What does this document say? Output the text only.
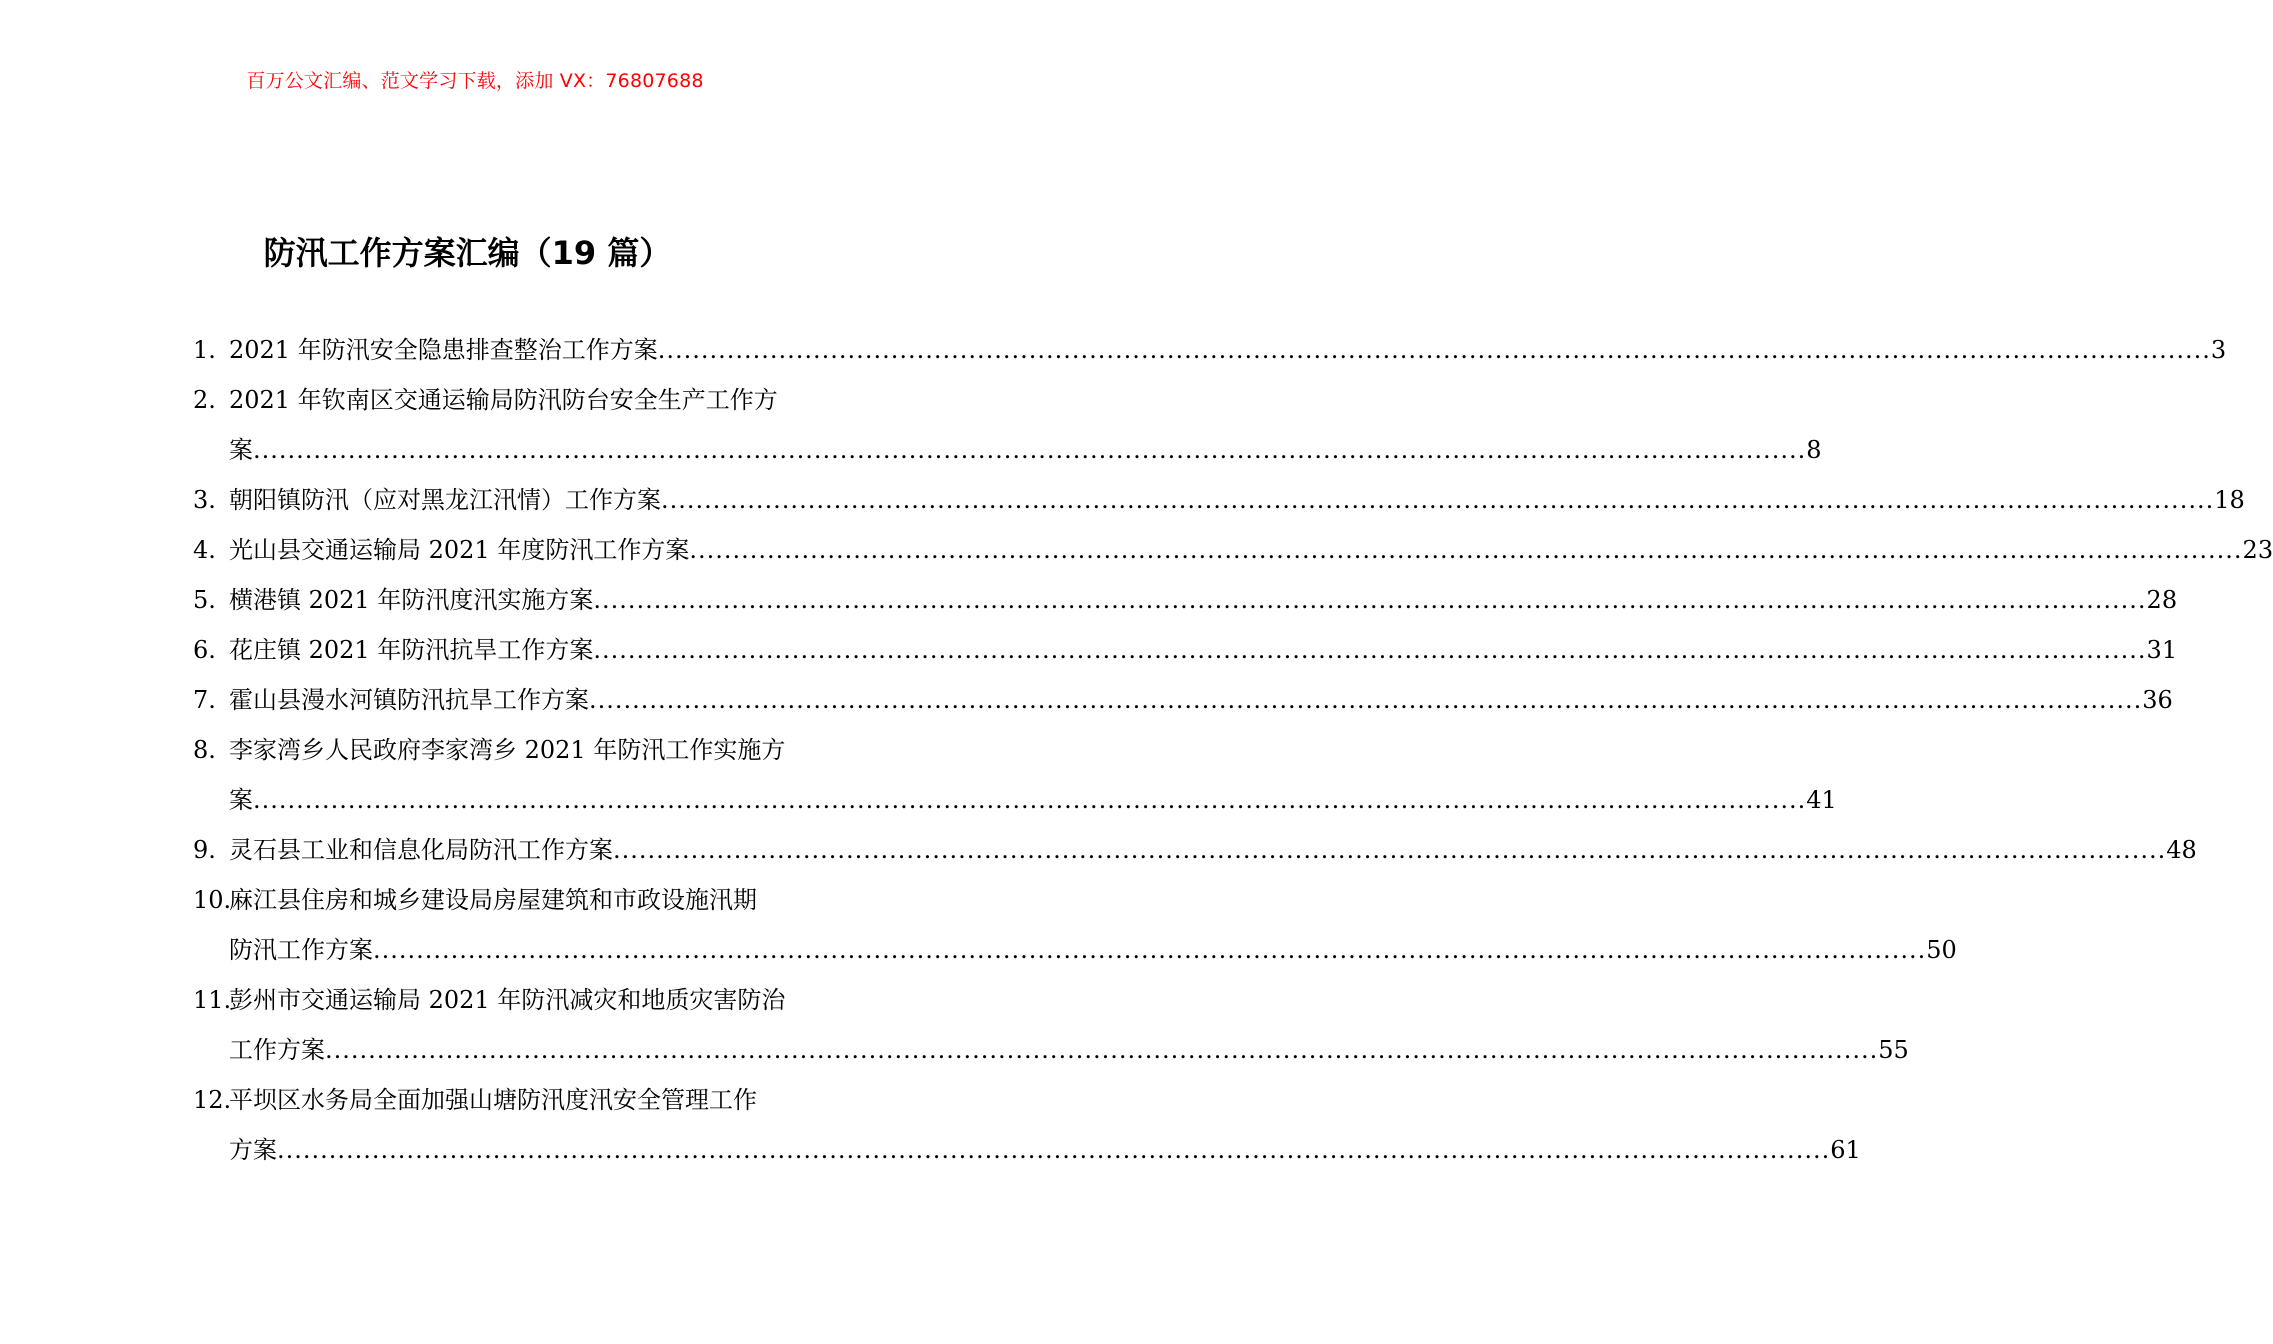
百万公文汇编、范文学习下载，添加 VX：76807688
防汛工作方案汇编（19 篇）
1. 2021 年防汛安全隐患排查整治工作方案 .................................................................................................................................................................................... 3
2. 2021 年钦南区交通运输局防汛防台安全生产工作方
案 .................................................................................................................................................................................... 8
3. 朝阳镇防汛（应对黑龙江汛情）工作方案 .................................................................................................................................................................................... 18
4. 光山县交通运输局 2021 年度防汛工作方案 .................................................................................................................................................................................... 23
5. 横港镇 2021 年防汛度汛实施方案 .................................................................................................................................................................................... 28
6. 花庄镇 2021 年防汛抗旱工作方案 .................................................................................................................................................................................... 31
7. 霍山县漫水河镇防汛抗旱工作方案 .................................................................................................................................................................................... 36
8. 李家湾乡人民政府李家湾乡 2021 年防汛工作实施方
案 .................................................................................................................................................................................... 41
9. 灵石县工业和信息化局防汛工作方案 .................................................................................................................................................................................... 48
10.
麻江县住房和城乡建设局房屋建筑和市政设施汛期
防汛工作方案 .................................................................................................................................................................................... 50
11.
彭州市交通运输局 2021 年防汛减灾和地质灾害防治
工作方案 .................................................................................................................................................................................... 55
12.
平坝区水务局全面加强山塘防汛度汛安全管理工作
方案 .................................................................................................................................................................................... 61
